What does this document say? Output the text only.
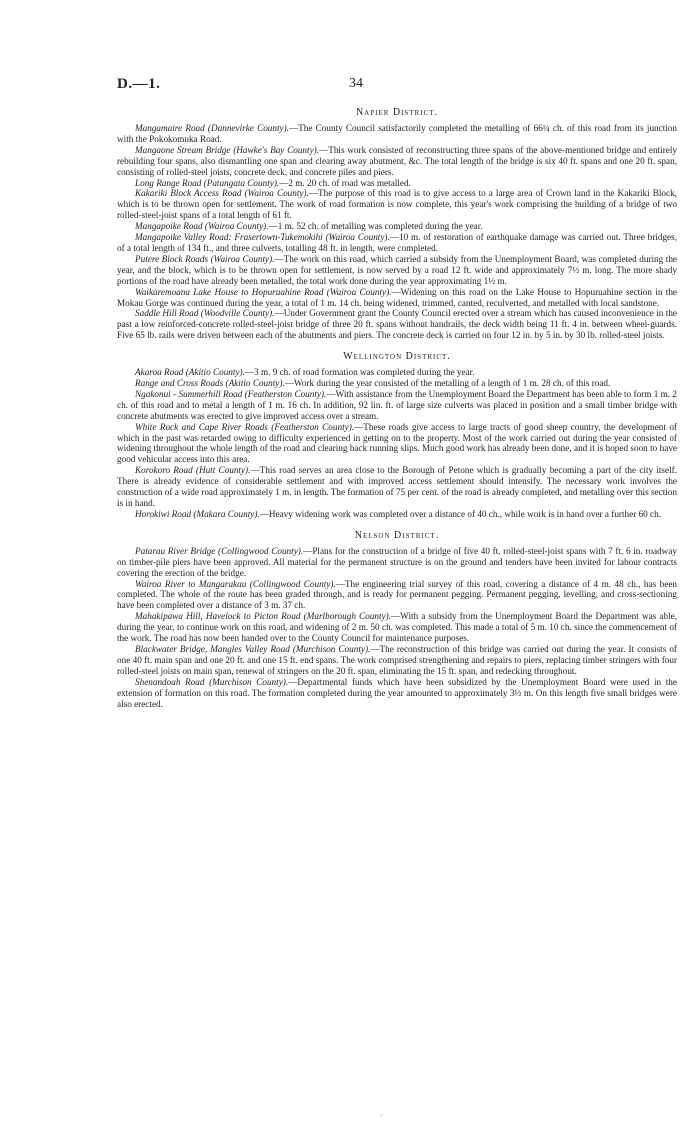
D.—1.	34
Napier District.

Mangamaire Road (Dannevirke County).—The County Council satisfactorily completed the metalling of 66¼ ch. of this road from its junction with the Pokokomuka Road.

Mangaone Stream Bridge (Hawke's Bay County).—This work consisted of reconstructing three spans of the above-mentioned bridge and entirely rebuilding four spans, also dismantling one span and clearing away abutment, &c. The total length of the bridge is six 40 ft. spans and one 20 ft. span, consisting of rolled-steel joists, concrete deck, and concrete piles and piers.

Long Range Road (Patangata County).—2 m. 20 ch. of road was metalled.

Kakariki Block Access Road (Wairoa County).—The purpose of this road is to give access to a large area of Crown land in the Kakariki Block, which is to be thrown open for settlement. The work of road formation is now complete, this year's work comprising the building of a bridge of two rolled-steel-joist spans of a total length of 61 ft.

Mangapoike Road (Wairoa County).—1 m. 52 ch. of metalling was completed during the year.

Mangapoike Valley Road: Frasertown-Tukemokihi (Wairoa County).—10 m. of restoration of earthquake damage was carried out. Three bridges, of a total length of 134 ft., and three culverts, totalling 48 ft. in length, were completed.

Putere Block Roads (Wairoa County).—The work on this road, which carried a subsidy from the Unemployment Board, was completed during the year, and the block, which is to be thrown open for settlement, is now served by a road 12 ft. wide and approximately 7½ m. long. The more shady portions of the road have already been metalled, the total work done during the year approximating 1½ m.

Waikaremoana Lake House to Hopuruahine Road (Wairoa County).—Widening on this road on the Lake House to Hopuruahine section in the Mokau Gorge was continued during the year, a total of 1 m. 14 ch. being widened, trimmed, canted, reculverted, and metalled with local sandstone.

Saddle Hill Road (Woodville County).—Under Government grant the County Council erected over a stream which has caused inconvenience in the past a low reinforced-concrete rolled-steel-joist bridge of three 20 ft. spans without handrails, the deck width being 11 ft. 4 in. between wheel-guards. Five 65 lb. rails were driven between each of the abutments and piers. The concrete deck is carried on four 12 in. by 5 in. by 30 lb. rolled-steel joists.

Wellington District.

Akaroa Road (Akitio County).—3 m. 9 ch. of road formation was completed during the year.

Range and Cross Roads (Akitio County).—Work during the year consisted of the metalling of a length of 1 m. 28 ch. of this road.

Ngakonui - Summerhill Road (Featherston County).—With assistance from the Unemployment Board the Department has been able to form 1 m. 2 ch. of this road and to metal a length of 1 m. 16 ch. In addition, 92 lin. ft. of large size culverts was placed in position and a small timber bridge with concrete abutments was erected to give improved access over a stream.

White Rock and Cape River Roads (Featherston County).—These roads give access to large tracts of good sheep country, the development of which in the past was retarded owing to difficulty experienced in getting on to the property. Most of the work carried out during the year consisted of widening throughout the whole length of the road and clearing back running slips. Much good work has already been done, and it is hoped soon to have good vehicular access into this area.

Korokoro Road (Hutt County).—This road serves an area close to the Borough of Petone which is gradually becoming a part of the city itself. There is already evidence of considerable settlement and with improved access settlement should intensify. The necessary work involves the construction of a wide road approximately 1 m. in length. The formation of 75 per cent. of the road is already completed, and metalling over this section is in hand.

Horokiwi Road (Makara County).—Heavy widening work was completed over a distance of 40 ch., while work is in hand over a further 60 ch.

Nelson District.

Patarau River Bridge (Collingwood County).—Plans for the construction of a bridge of five 40 ft. rolled-steel-joist spans with 7 ft. 6 in. roadway on timber-pile piers have been approved. All material for the permanent structure is on the ground and tenders have been invited for labour contracts covering the erection of the bridge.

Wairoa River to Mangarakau (Collingwood County).—The engineering trial survey of this road, covering a distance of 4 m. 48 ch., has been completed. The whole of the route has been graded through, and is ready for permanent pegging. Permanent pegging, levelling, and cross-sectioning have been completed over a distance of 3 m. 37 ch.

Mahakipawa Hill, Havelock to Picton Road (Marlborough County).—With a subsidy from the Unemployment Board the Department was able, during the year, to continue work on this road, and widening of 2 m. 50 ch. was completed. This made a total of 5 m. 10 ch. since the commencement of the work. The road has now been handed over to the County Council for maintenance purposes.

Blackwater Bridge, Mangles Valley Road (Murchison County).—The reconstruction of this bridge was carried out during the year. It consists of one 40 ft. main span and one 20 ft. and one 15 ft. end spans. The work comprised strengthening and repairs to piers, replacing timber stringers with four rolled-steel joists on main span, renewal of stringers on the 20 ft. span, eliminating the 15 ft. span, and redecking throughout.

Shenandoah Road (Murchison County).—Departmental funds which have been subsidized by the Unemployment Board were used in the extension of formation on this road. The formation completed during the year amounted to approximately 3½ m. On this length five small bridges were also erected.

˘
